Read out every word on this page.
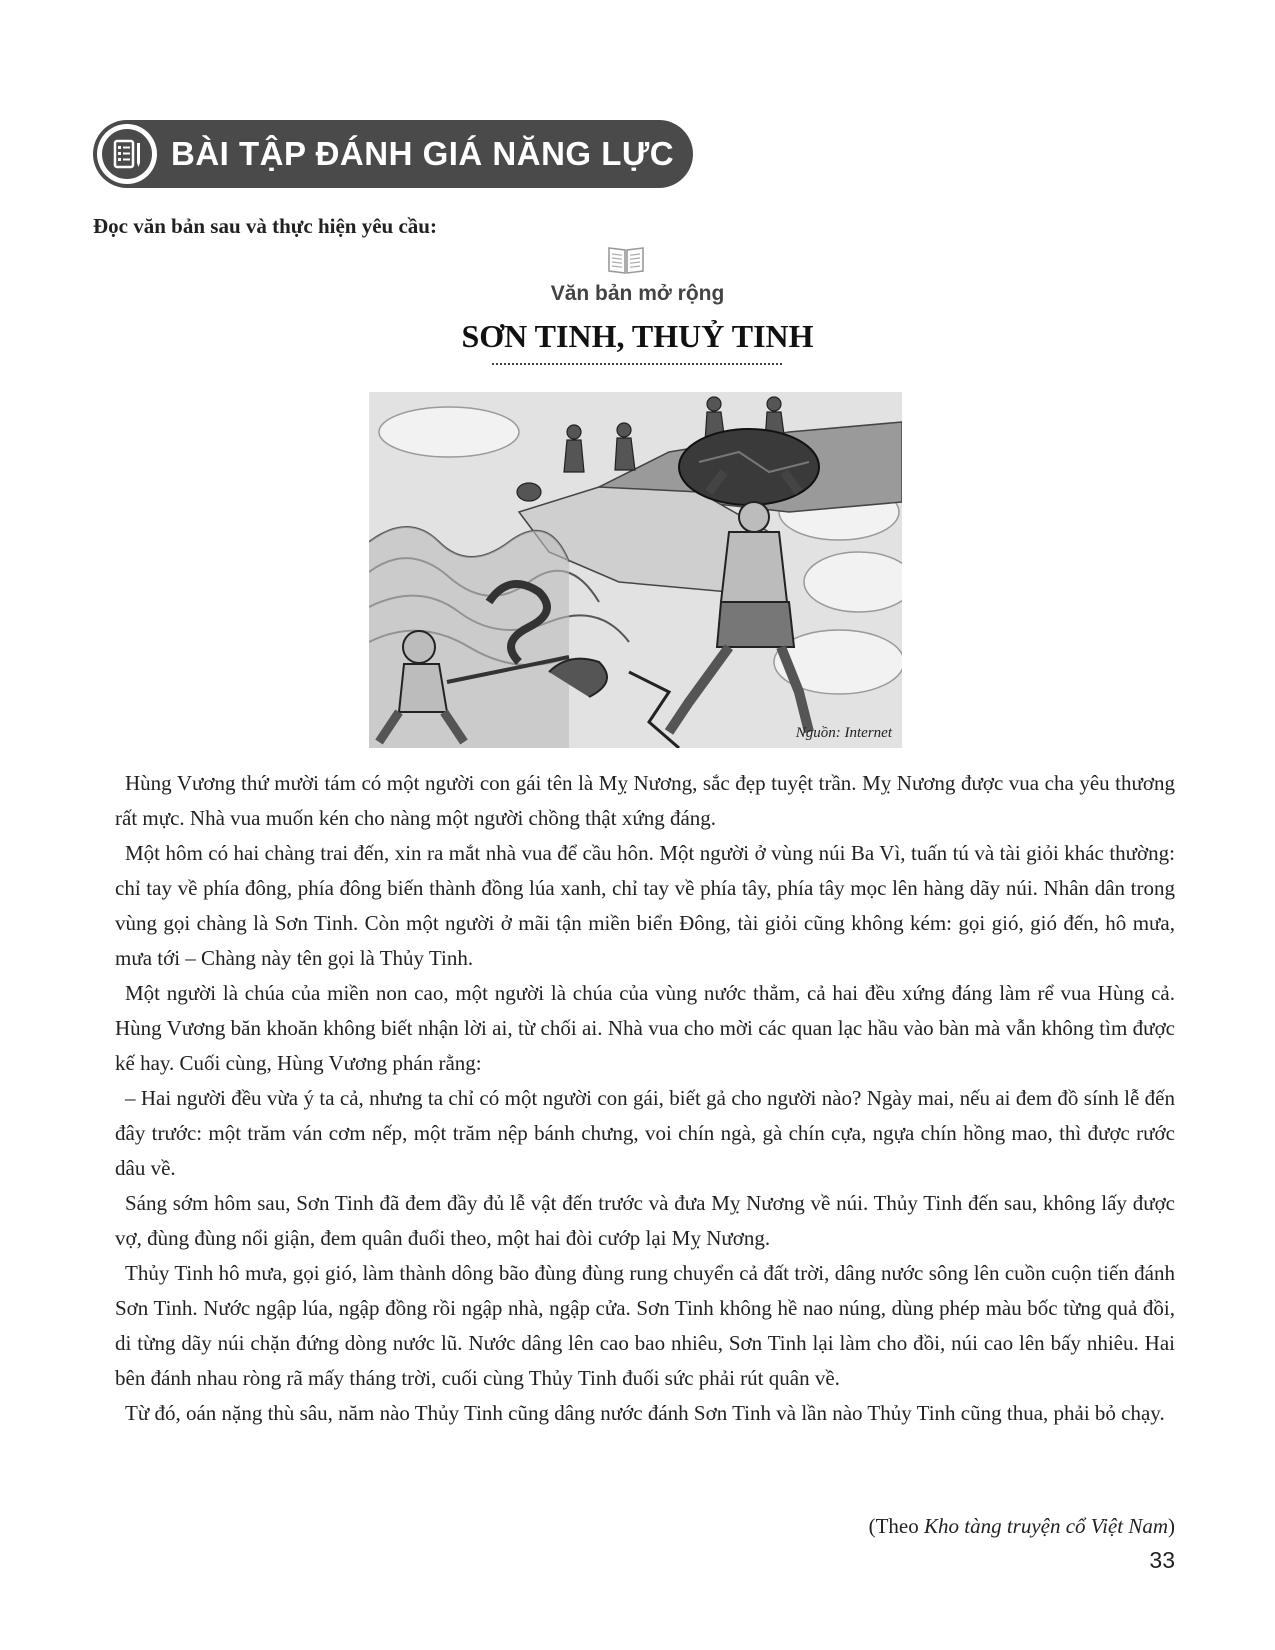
BÀI TẬP ĐÁNH GIÁ NĂNG LỰC
Đọc văn bản sau và thực hiện yêu cầu:
Văn bản mở rộng
SƠN TINH, THUỶ TINH
Nguồn: Internet

Hùng Vương thứ mười tám có một người con gái tên là Mỵ Nương, sắc đẹp tuyệt trần. Mỵ Nương được vua cha yêu thương rất mực. Nhà vua muốn kén cho nàng một người chồng thật xứng đáng.

Một hôm có hai chàng trai đến, xin ra mắt nhà vua để cầu hôn. Một người ở vùng núi Ba Vì, tuấn tú và tài giỏi khác thường: chỉ tay về phía đông, phía đông biến thành đồng lúa xanh, chỉ tay về phía tây, phía tây mọc lên hàng dãy núi. Nhân dân trong vùng gọi chàng là Sơn Tinh. Còn một người ở mãi tận miền biển Đông, tài giỏi cũng không kém: gọi gió, gió đến, hô mưa, mưa tới – Chàng này tên gọi là Thủy Tinh.

Một người là chúa của miền non cao, một người là chúa của vùng nước thẳm, cả hai đều xứng đáng làm rể vua Hùng cả. Hùng Vương băn khoăn không biết nhận lời ai, từ chối ai. Nhà vua cho mời các quan lạc hầu vào bàn mà vẫn không tìm được kế hay. Cuối cùng, Hùng Vương phán rằng:

– Hai người đều vừa ý ta cả, nhưng ta chỉ có một người con gái, biết gả cho người nào? Ngày mai, nếu ai đem đồ sính lễ đến đây trước: một trăm ván cơm nếp, một trăm nệp bánh chưng, voi chín ngà, gà chín cựa, ngựa chín hồng mao, thì được rước dâu về.

Sáng sớm hôm sau, Sơn Tinh đã đem đầy đủ lễ vật đến trước và đưa Mỵ Nương về núi. Thủy Tinh đến sau, không lấy được vợ, đùng đùng nổi giận, đem quân đuổi theo, một hai đòi cướp lại Mỵ Nương.

Thủy Tinh hô mưa, gọi gió, làm thành dông bão đùng đùng rung chuyển cả đất trời, dâng nước sông lên cuồn cuộn tiến đánh Sơn Tinh. Nước ngập lúa, ngập đồng rồi ngập nhà, ngập cửa. Sơn Tinh không hề nao núng, dùng phép màu bốc từng quả đồi, di từng dãy núi chặn đứng dòng nước lũ. Nước dâng lên cao bao nhiêu, Sơn Tinh lại làm cho đồi, núi cao lên bấy nhiêu. Hai bên đánh nhau ròng rã mấy tháng trời, cuối cùng Thủy Tinh đuối sức phải rút quân về.

Từ đó, oán nặng thù sâu, năm nào Thủy Tinh cũng dâng nước đánh Sơn Tinh và lần nào Thủy Tinh cũng thua, phải bỏ chạy.

(Theo Kho tàng truyện cổ Việt Nam)
33
